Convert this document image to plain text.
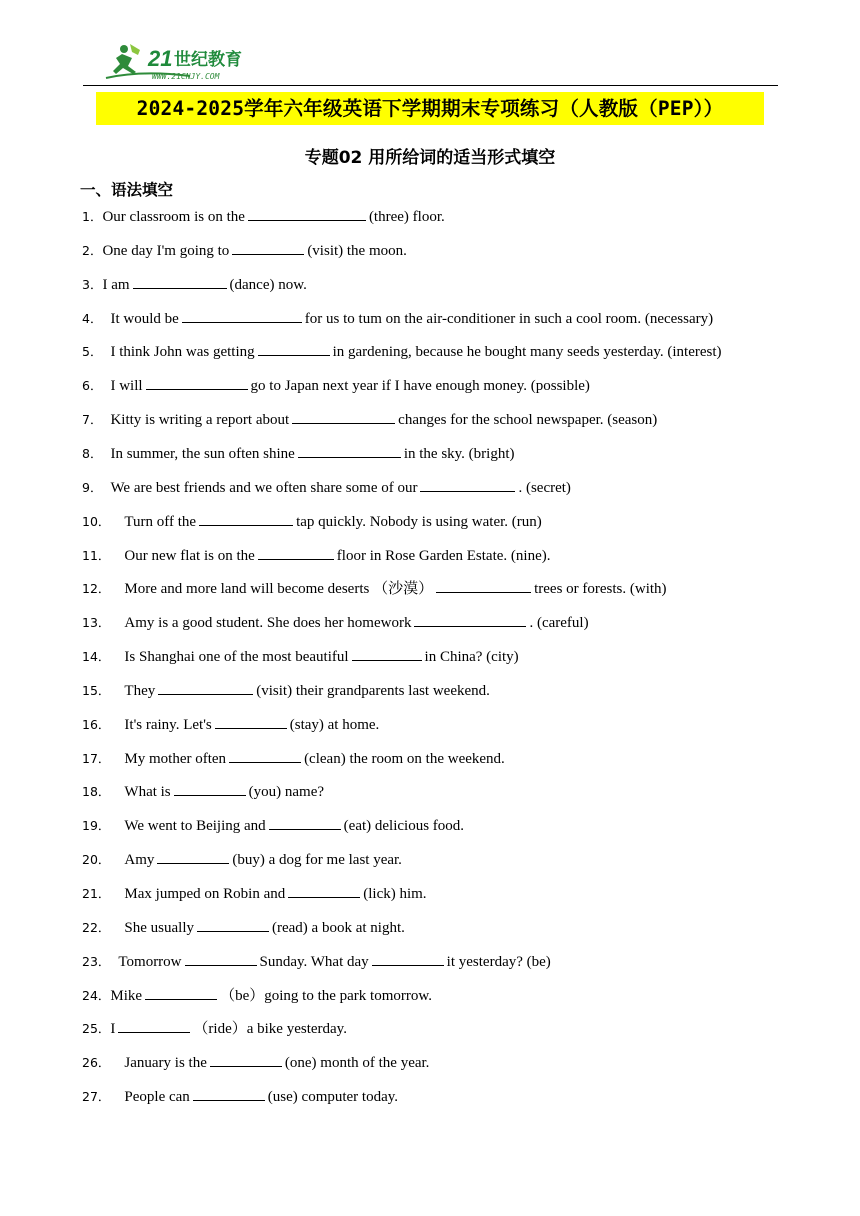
21 世纪教育
WWW.21CNJY.COM
2024-2025学年六年级英语下学期期末专项练习（人教版（PEP））
专题02 用所给词的适当形式填空
一、语法填空
1．Our classroom is on the	(three) floor.
2．One day I'm going to	(visit) the moon.
3．I am	(dance) now.
4． It would be	for us to tum on the air-conditioner in such a cool room. (necessary)
5． I think John was getting	in gardening, because he bought many seeds yesterday. (interest)
6． I will	go to Japan next year if I have enough money. (possible)
7． Kitty is writing a report about	changes for the school newspaper. (season)
8． In summer, the sun often shine	in the sky. (bright)
9． We are best friends and we often share some of our	. (secret)
10． Turn off the	tap quickly. Nobody is using water. (run)
11． Our new flat is on the	floor in Rose Garden Estate. (nine).
12． More and more land will become deserts （沙漠）	trees or forests. (with)
13． Amy is a good student. She does her homework	. (careful)
14． Is Shanghai one of the most beautiful	in China? (city)
15． They	(visit) their grandparents last weekend.
16． It's rainy. Let's	(stay) at home.
17． My mother often	(clean) the room on the weekend.
18． What is	(you) name?
19． We went to Beijing and	(eat) delicious food.
20． Amy	(buy) a dog for me last year.
21． Max jumped on Robin and	(lick) him.
22． She usually	(read) a book at night.
23． Tomorrow	Sunday. What day	it yesterday? (be)
24．Mike	（be）going to the park tomorrow.
25．I	（ride）a bike yesterday.
26． January is the	(one) month of the year.
27． People can	(use) computer today.
